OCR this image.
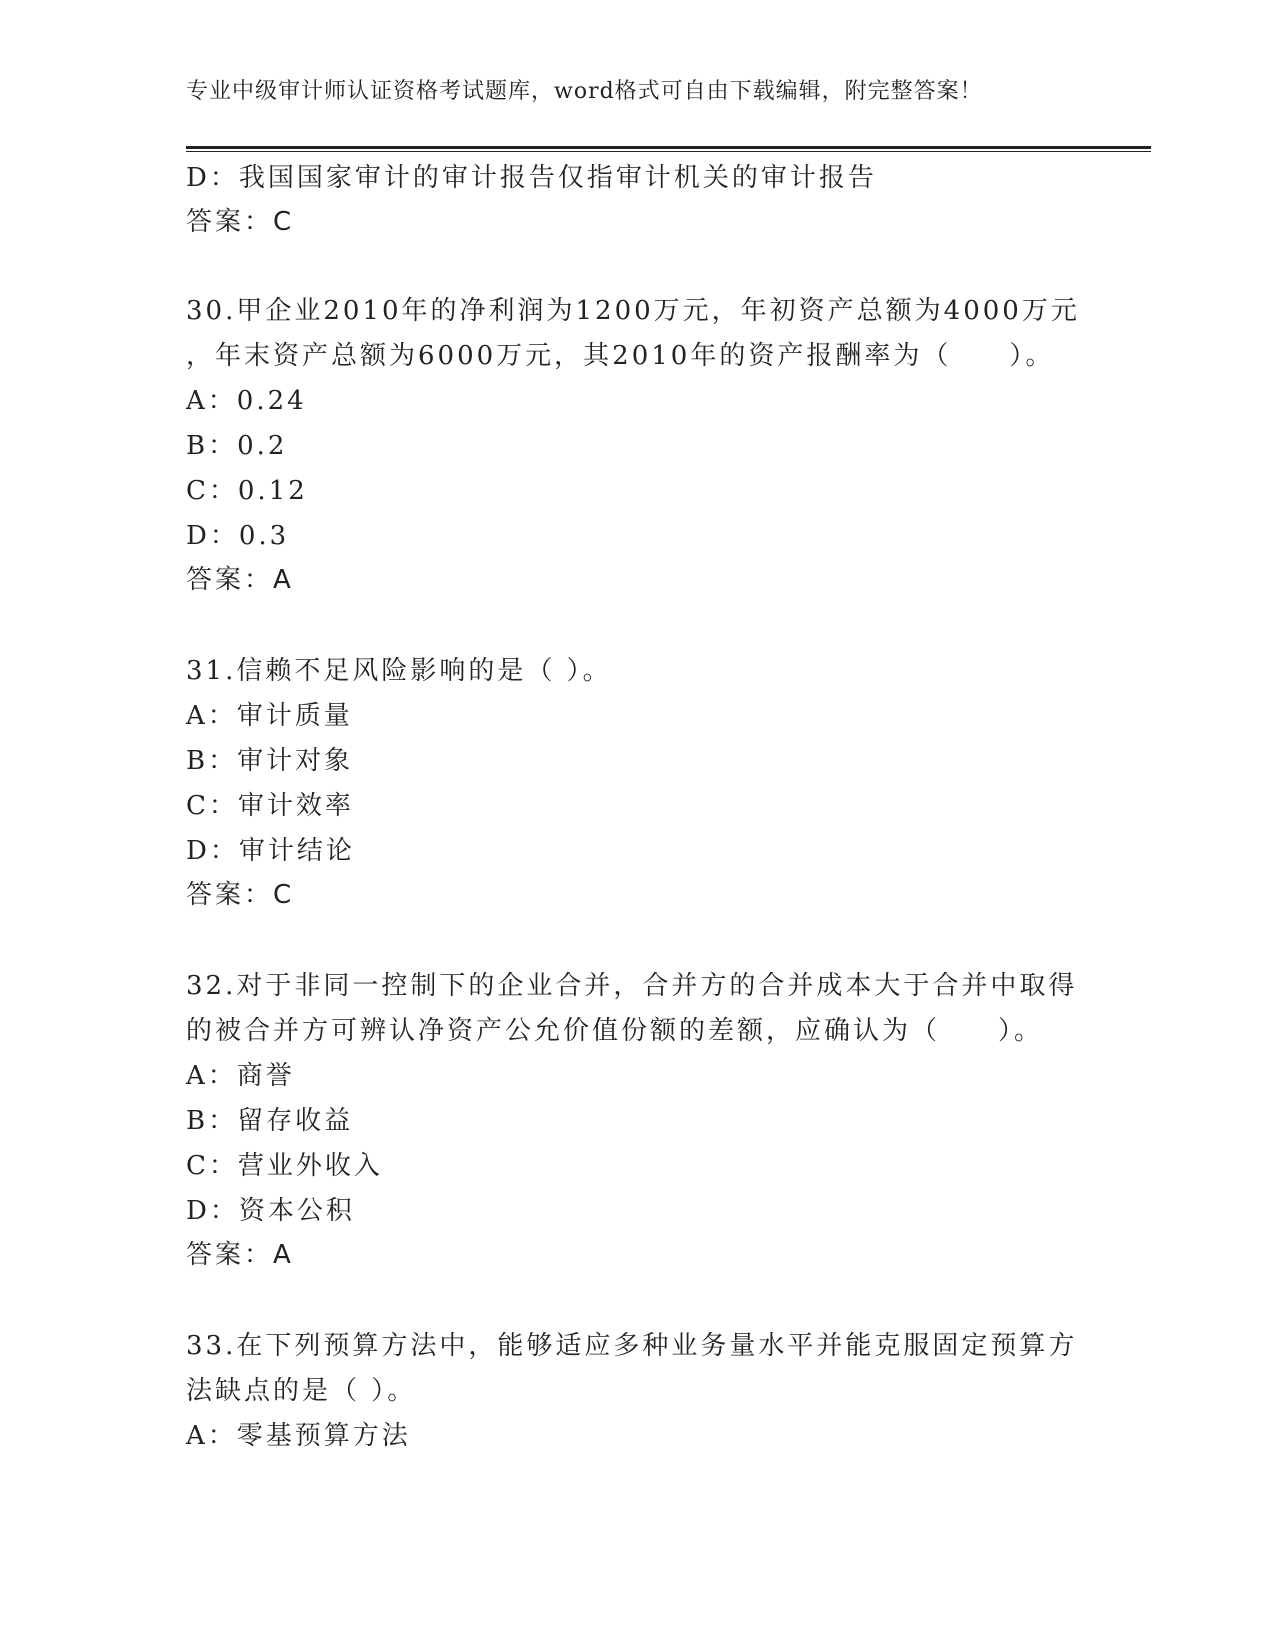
专业中级审计师认证资格考试题库，word格式可自由下载编辑，附完整答案！
D：我国国家审计的审计报告仅指审计机关的审计报告
答案：C
30.甲企业2010年的净利润为1200万元，年初资产总额为4000万元
，年末资产总额为6000万元，其2010年的资产报酬率为（　　）。
A：0.24
B：0.2
C：0.12
D：0.3
答案：A
31.信赖不足风险影响的是（ ）。
A：审计质量
B：审计对象
C：审计效率
D：审计结论
答案：C
32.对于非同一控制下的企业合并，合并方的合并成本大于合并中取得
的被合并方可辨认净资产公允价值份额的差额，应确认为（　　）。
A：商誉
B：留存收益
C：营业外收入
D：资本公积
答案：A
33.在下列预算方法中，能够适应多种业务量水平并能克服固定预算方
法缺点的是（ ）。
A：零基预算方法
